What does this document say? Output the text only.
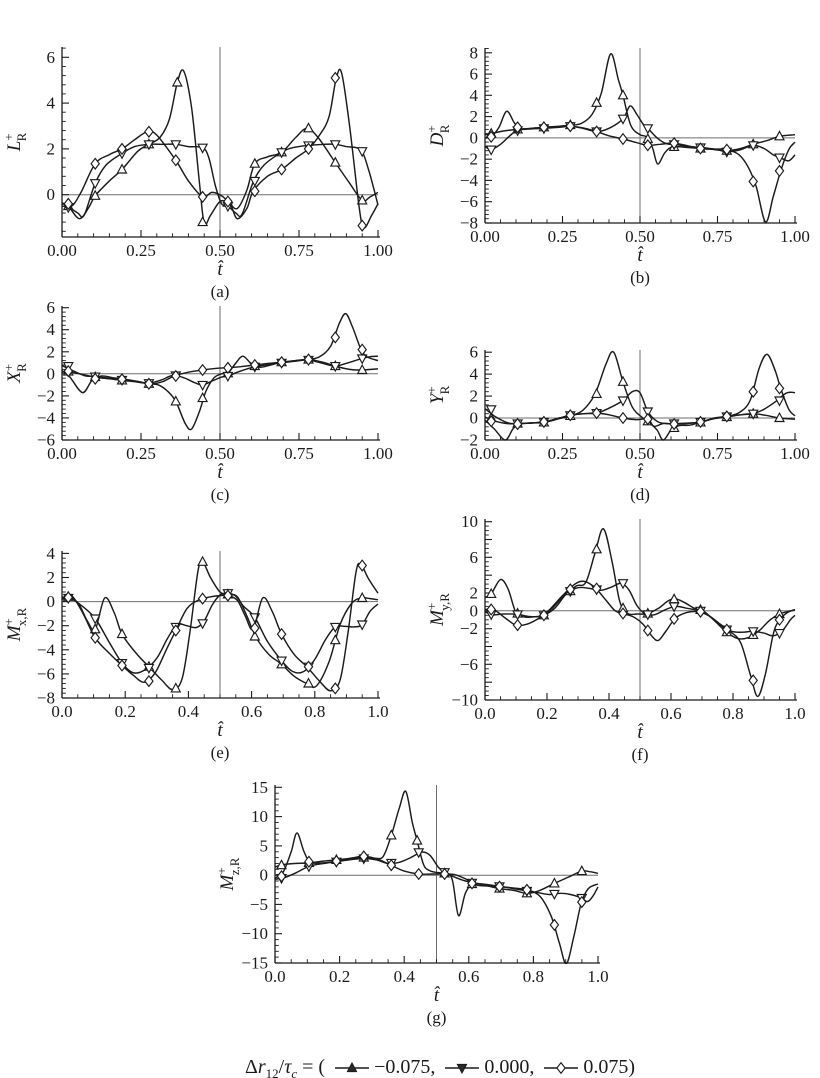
0
2
4
6
0.00	0.25	0.50	0.75	1.00
L+R
t̂
(a)
−8
−6
−4
−2
0
2
4
6
8
0.00	0.25	0.50	0.75	1.00
D+R
t̂
(b)
−6
−4
−2
0
2
4
6
0.00	0.25	0.50	0.75	1.00
X+R
t̂
(c)
−2
0
2
4
6
0.00	0.25	0.50	0.75	1.00
Y+R
t̂
(d)
−8
−6
−4
−2
0
2
4
0.0 0.2 0.4 0.6 0.8 1.0
M+x,R
t̂
(e)
−10
−6
−2
0
2
6
10
0.0 0.2 0.4 0.6 0.8 1.0
M+y,R
t̂
(f)
−15
−10
−5
0
5
10
15
0.0	0.2	0.4	0.6	0.8	1.0
M+z,R
t̂
(g)
$\Delta r_{12}/\tau_c$ = ( −0.075, 0.000, 0.075)
